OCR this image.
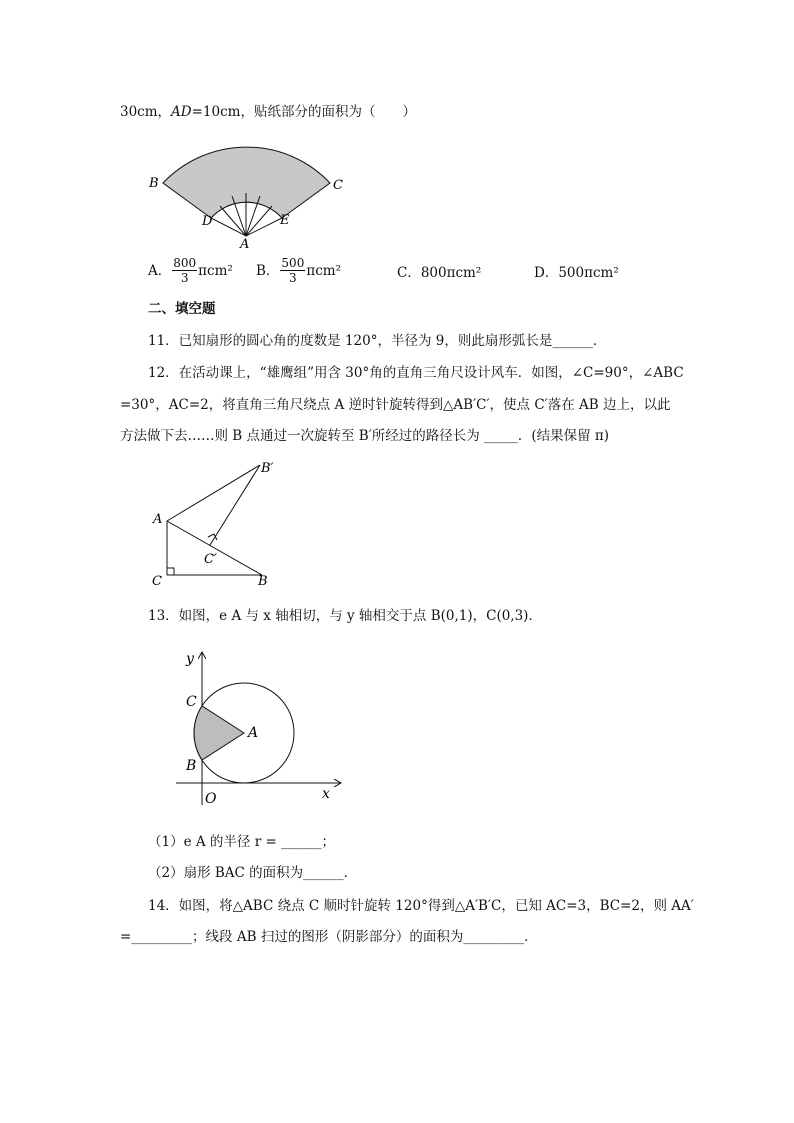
30cm，AD=10cm，贴纸部分的面积为（　　）
B	C
D	E
A
A． $\frac{800}{3} \pi cm^2$ B． $\frac{500}{3} \pi cm^2$	C． 800πcm²	D． 500πcm²
二、填空题
11．已知扇形的圆心角的度数是 120°，半径为 9，则此扇形弧长是______．
12．在活动课上，“雄鹰组”用含 30°角的直角三角尺设计风车．如图，∠C=90°，∠ABC
=30°，AC=2，将直角三角尺绕点 A 逆时针旋转得到△AB′C′，使点 C′落在 AB 边上，以此
方法做下去……则 B 点通过一次旋转至 B′所经过的路径长为 _____．(结果保留 π)
B′
A
C′
C	B
13．如图，e A 与 x 轴相切，与 y 轴相交于点 B(0,1)，C(0,3)．
y
x
O
C
B
A
（1）e A 的半径 r = ______；
（2）扇形 BAC 的面积为______．
14．如图，将△ABC 绕点 C 顺时针旋转 120°得到△A′B′C，已知 AC=3，BC=2，则 AA′
=_________；线段 AB 扫过的图形（阴影部分）的面积为_________．
